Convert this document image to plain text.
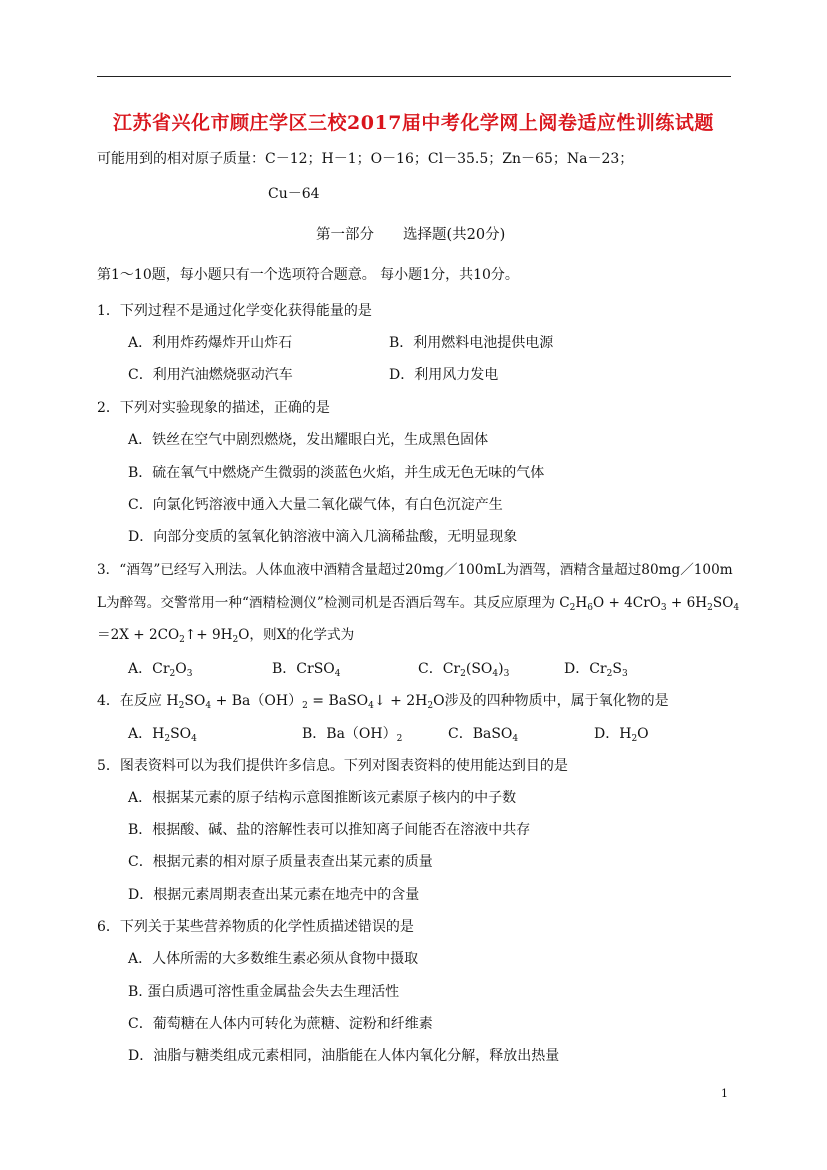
江苏省兴化市顾庄学区三校2017届中考化学网上阅卷适应性训练试题
可能用到的相对原子质量：C－12；H－1；O－16；Cl－35.5；Zn－65；Na－23；
Cu－64
第一部分　　选择题(共20分)
第1～10题，每小题只有一个选项符合题意。 每小题1分，共10分。
1．下列过程不是通过化学变化获得能量的是
A．利用炸药爆炸开山炸石	B．利用燃料电池提供电源
C．利用汽油燃烧驱动汽车	D．利用风力发电
2．下列对实验现象的描述，正确的是
A．铁丝在空气中剧烈燃烧，发出耀眼白光，生成黑色固体
B．硫在氧气中燃烧产生微弱的淡蓝色火焰，并生成无色无味的气体
C．向氯化钙溶液中通入大量二氧化碳气体，有白色沉淀产生
D．向部分变质的氢氧化钠溶液中滴入几滴稀盐酸，无明显现象
3．“酒驾”已经写入刑法。人体血液中酒精含量超过20mg／100mL为酒驾，酒精含量超过80mg／100m
L为醉驾。交警常用一种“酒精检测仪”检测司机是否酒后驾车。其反应原理为 $C_2H_6O + 4CrO_3 + 6H_2SO_4$
$=2X + 2CO_2↑+ 9H_2O$，则X的化学式为
A．$Cr_2O_3$	B．CrSO$_4$	C．$Cr_2(SO_4)_3$	D．$Cr_2S_3$
4．在反应 $H_2SO_4 + Ba(OH)_2$ = BaSO$_4$↓ + $2H_2O$涉及的四种物质中，属于氧化物的是
A．$H_2SO_4$	B．$Ba(OH)_2$	C．BaSO$_4$	D．$H_2O$
5．图表资料可以为我们提供许多信息。下列对图表资料的使用能达到目的是
A．根据某元素的原子结构示意图推断该元素原子核内的中子数
B．根据酸、碱、盐的溶解性表可以推知离子间能否在溶液中共存
C．根据元素的相对原子质量表查出某元素的质量
D．根据元素周期表查出某元素在地壳中的含量
6．下列关于某些营养物质的化学性质描述错误的是
A．人体所需的大多数维生素必须从食物中摄取
B. 蛋白质遇可溶性重金属盐会失去生理活性
C．葡萄糖在人体内可转化为蔗糖、淀粉和纤维素
D．油脂与糖类组成元素相同，油脂能在人体内氧化分解，释放出热量
1
